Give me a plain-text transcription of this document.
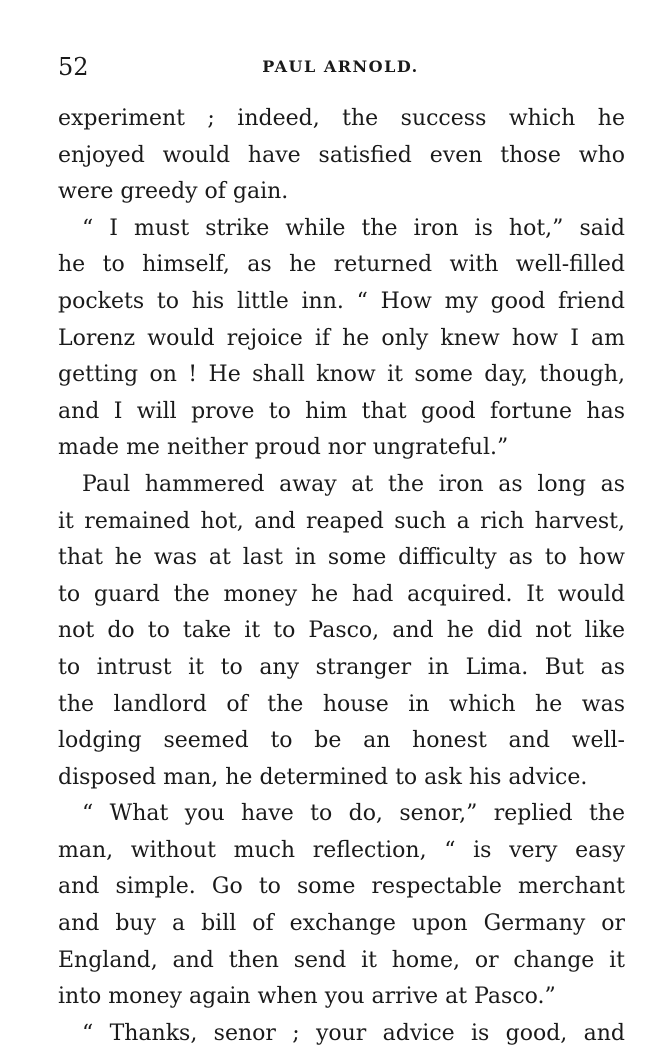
52	PAUL ARNOLD.
experiment ; indeed, the success which he
enjoyed would have satisfied even those who
were greedy of gain.
“ I must strike while the iron is hot,” said
he to himself, as he returned with well-filled
pockets to his little inn. “ How my good friend
Lorenz would rejoice if he only knew how I am
getting on ! He shall know it some day, though,
and I will prove to him that good fortune has
made me neither proud nor ungrateful.”
Paul hammered away at the iron as long as
it remained hot, and reaped such a rich harvest,
that he was at last in some difficulty as to how
to guard the money he had acquired. It would
not do to take it to Pasco, and he did not like
to intrust it to any stranger in Lima. But as
the landlord of the house in which he was
lodging seemed to be an honest and well-
disposed man, he determined to ask his advice.
“ What you have to do, senor,” replied the
man, without much reflection, “ is very easy
and simple. Go to some respectable merchant
and buy a bill of exchange upon Germany or
England, and then send it home, or change it
into money again when you arrive at Pasco.”
“ Thanks, senor ; your advice is good, and
